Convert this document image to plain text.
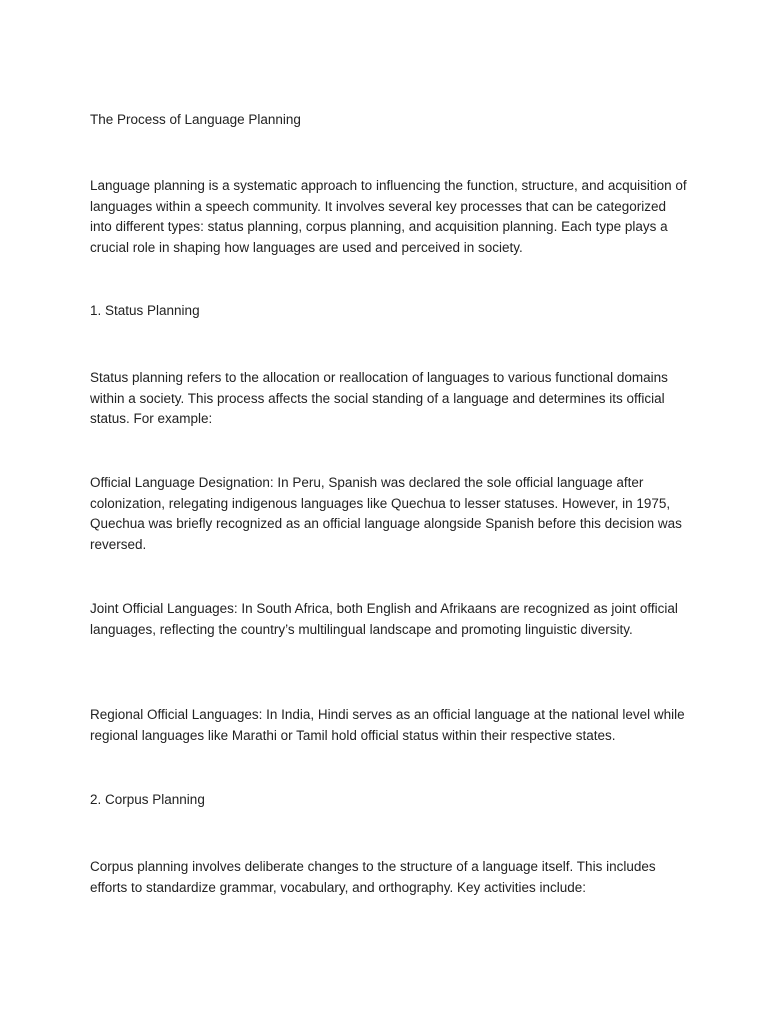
The Process of Language Planning

Language planning is a systematic approach to influencing the function, structure, and acquisition of languages within a speech community. It involves several key processes that can be categorized into different types: status planning, corpus planning, and acquisition planning. Each type plays a crucial role in shaping how languages are used and perceived in society.

1. Status Planning

Status planning refers to the allocation or reallocation of languages to various functional domains within a society. This process affects the social standing of a language and determines its official status. For example:

Official Language Designation: In Peru, Spanish was declared the sole official language after colonization, relegating indigenous languages like Quechua to lesser statuses. However, in 1975, Quechua was briefly recognized as an official language alongside Spanish before this decision was reversed.

Joint Official Languages: In South Africa, both English and Afrikaans are recognized as joint official languages, reflecting the country’s multilingual landscape and promoting linguistic diversity.

Regional Official Languages: In India, Hindi serves as an official language at the national level while regional languages like Marathi or Tamil hold official status within their respective states.

2. Corpus Planning

Corpus planning involves deliberate changes to the structure of a language itself. This includes efforts to standardize grammar, vocabulary, and orthography. Key activities include:
